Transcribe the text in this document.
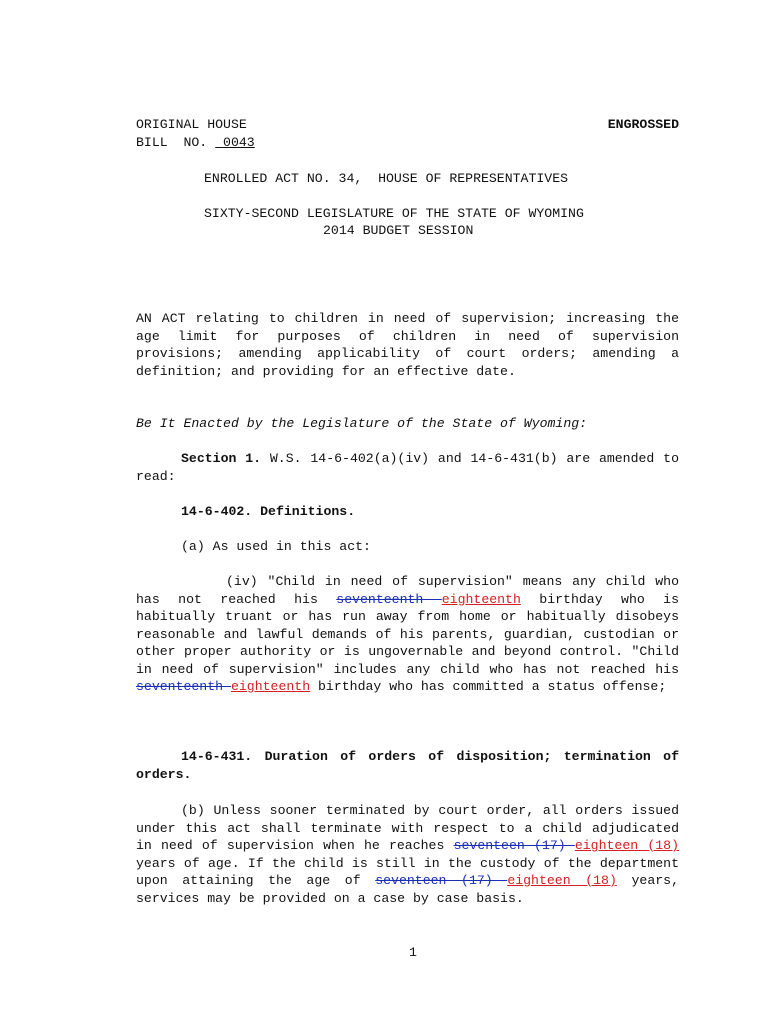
ORIGINAL HOUSE
BILL  NO.  0043
ENGROSSED
ENROLLED ACT NO. 34,  HOUSE OF REPRESENTATIVES
SIXTY-SECOND LEGISLATURE OF THE STATE OF WYOMING
2014 BUDGET SESSION
AN ACT relating to children in need of supervision; increasing the age limit for purposes of children in need of supervision provisions; amending applicability of court orders; amending a definition; and providing for an effective date.
Be It Enacted by the Legislature of the State of Wyoming:
Section 1. W.S. 14-6-402(a)(iv) and 14-6-431(b) are amended to read:
14-6-402. Definitions.
(a) As used in this act:
(iv) "Child in need of supervision" means any child who has not reached his seventeenth eighteenth birthday who is habitually truant or has run away from home or habitually disobeys reasonable and lawful demands of his parents, guardian, custodian or other proper authority or is ungovernable and beyond control. "Child in need of supervision" includes any child who has not reached his seventeenth eighteenth birthday who has committed a status offense;
14-6-431. Duration of orders of disposition; termination of orders.
(b) Unless sooner terminated by court order, all orders issued under this act shall terminate with respect to a child adjudicated in need of supervision when he reaches seventeen (17) eighteen (18) years of age. If the child is still in the custody of the department upon attaining the age of seventeen (17) eighteen (18) years, services may be provided on a case by case basis.
1
